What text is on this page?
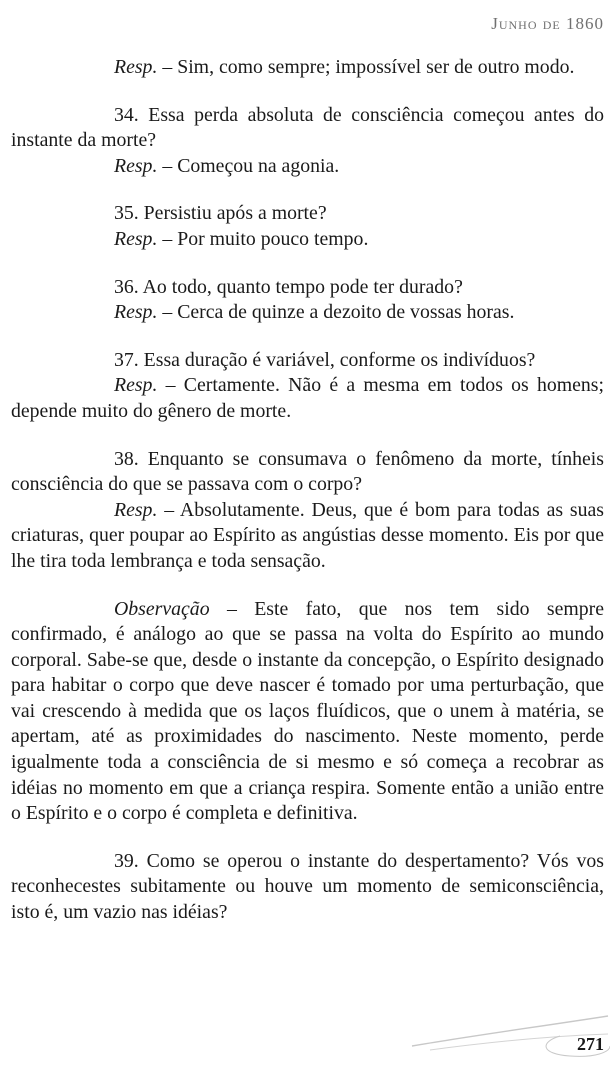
Junho de 1860

Resp. – Sim, como sempre; impossível ser de outro modo.

34. Essa perda absoluta de consciência começou antes do instante da morte?

Resp. – Começou na agonia.

35. Persistiu após a morte?

Resp. – Por muito pouco tempo.

36. Ao todo, quanto tempo pode ter durado?

Resp. – Cerca de quinze a dezoito de vossas horas.

37. Essa duração é variável, conforme os indivíduos?

Resp. – Certamente. Não é a mesma em todos os homens; depende muito do gênero de morte.

38. Enquanto se consumava o fenômeno da morte, tínheis consciência do que se passava com o corpo?

Resp. – Absolutamente. Deus, que é bom para todas as suas criaturas, quer poupar ao Espírito as angústias desse momento. Eis por que lhe tira toda lembrança e toda sensação.

Observação – Este fato, que nos tem sido sempre confirmado, é análogo ao que se passa na volta do Espírito ao mundo corporal. Sabe-se que, desde o instante da concepção, o Espírito designado para habitar o corpo que deve nascer é tomado por uma perturbação, que vai crescendo à medida que os laços fluídicos, que o unem à matéria, se apertam, até as proximidades do nascimento. Neste momento, perde igualmente toda a consciência de si mesmo e só começa a recobrar as idéias no momento em que a criança respira. Somente então a união entre o Espírito e o corpo é completa e definitiva.

39. Como se operou o instante do despertamento? Vós vos reconhecestes subitamente ou houve um momento de semiconsciência, isto é, um vazio nas idéias?

271
